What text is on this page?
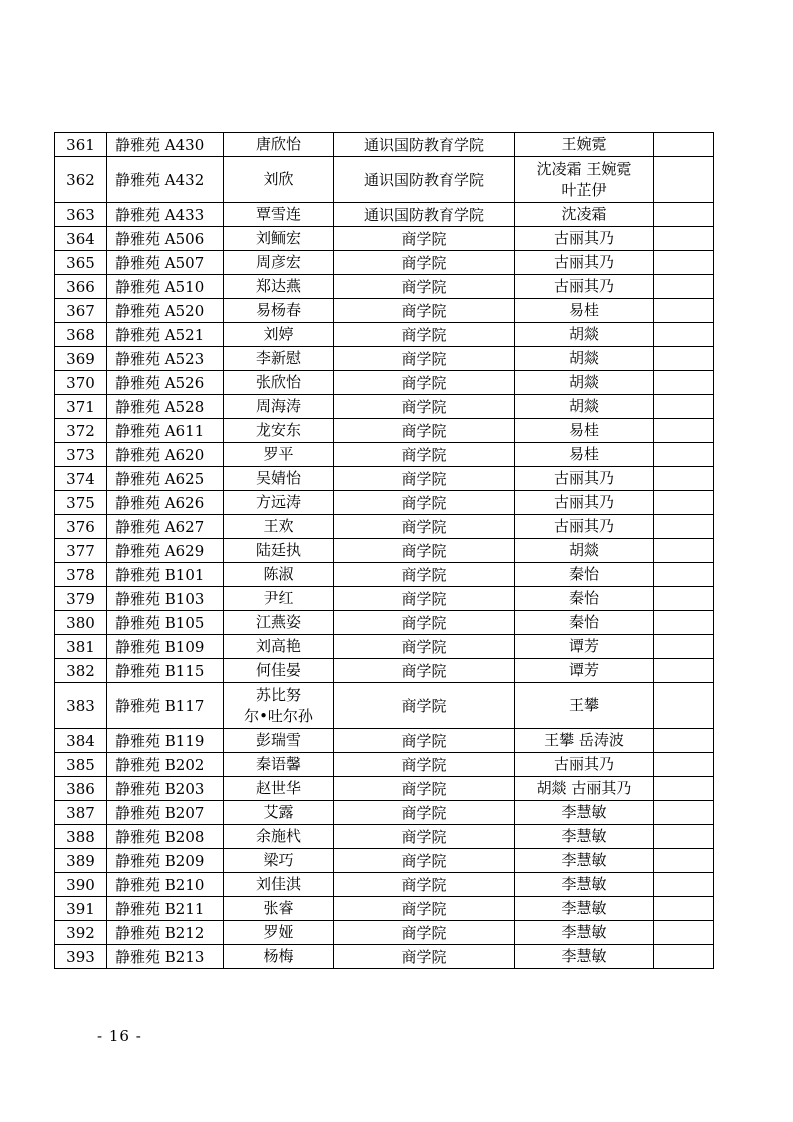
361	静雅苑 A430	唐欣怡	通识国防教育学院	王婉霓	

362	静雅苑 A432	刘欣	通识国防教育学院	沈凌霜 王婉霓
叶芷伊	

363	静雅苑 A433	覃雪连	通识国防教育学院	沈凌霜	

364	静雅苑 A506	刘鲕宏	商学院	古丽其乃	

365	静雅苑 A507	周彦宏	商学院	古丽其乃	

366	静雅苑 A510	郑达燕	商学院	古丽其乃	

367	静雅苑 A520	易杨春	商学院	易桂	

368	静雅苑 A521	刘婷	商学院	胡燚	

369	静雅苑 A523	李新慰	商学院	胡燚	

370	静雅苑 A526	张欣怡	商学院	胡燚	

371	静雅苑 A528	周海涛	商学院	胡燚	

372	静雅苑 A611	龙安东	商学院	易桂	

373	静雅苑 A620	罗平	商学院	易桂	

374	静雅苑 A625	吴婧怡	商学院	古丽其乃	

375	静雅苑 A626	方远涛	商学院	古丽其乃	

376	静雅苑 A627	王欢	商学院	古丽其乃	

377	静雅苑 A629	陆廷执	商学院	胡燚	

378	静雅苑 B101	陈淑	商学院	秦怡	

379	静雅苑 B103	尹红	商学院	秦怡	

380	静雅苑 B105	江燕姿	商学院	秦怡	

381	静雅苑 B109	刘高艳	商学院	谭芳	

382	静雅苑 B115	何佳晏	商学院	谭芳	

383	静雅苑 B117	苏比努
尔•吐尔孙	商学院	王攀	

384	静雅苑 B119	彭瑞雪	商学院	王攀 岳涛波	

385	静雅苑 B202	秦语馨	商学院	古丽其乃	

386	静雅苑 B203	赵世华	商学院	胡燚 古丽其乃	

387	静雅苑 B207	艾露	商学院	李慧敏	

388	静雅苑 B208	余施杙	商学院	李慧敏	

389	静雅苑 B209	梁巧	商学院	李慧敏	

390	静雅苑 B210	刘佳淇	商学院	李慧敏	

391	静雅苑 B211	张睿	商学院	李慧敏	

392	静雅苑 B212	罗娅	商学院	李慧敏	

393	静雅苑 B213	杨梅	商学院	李慧敏	

- 16 -
